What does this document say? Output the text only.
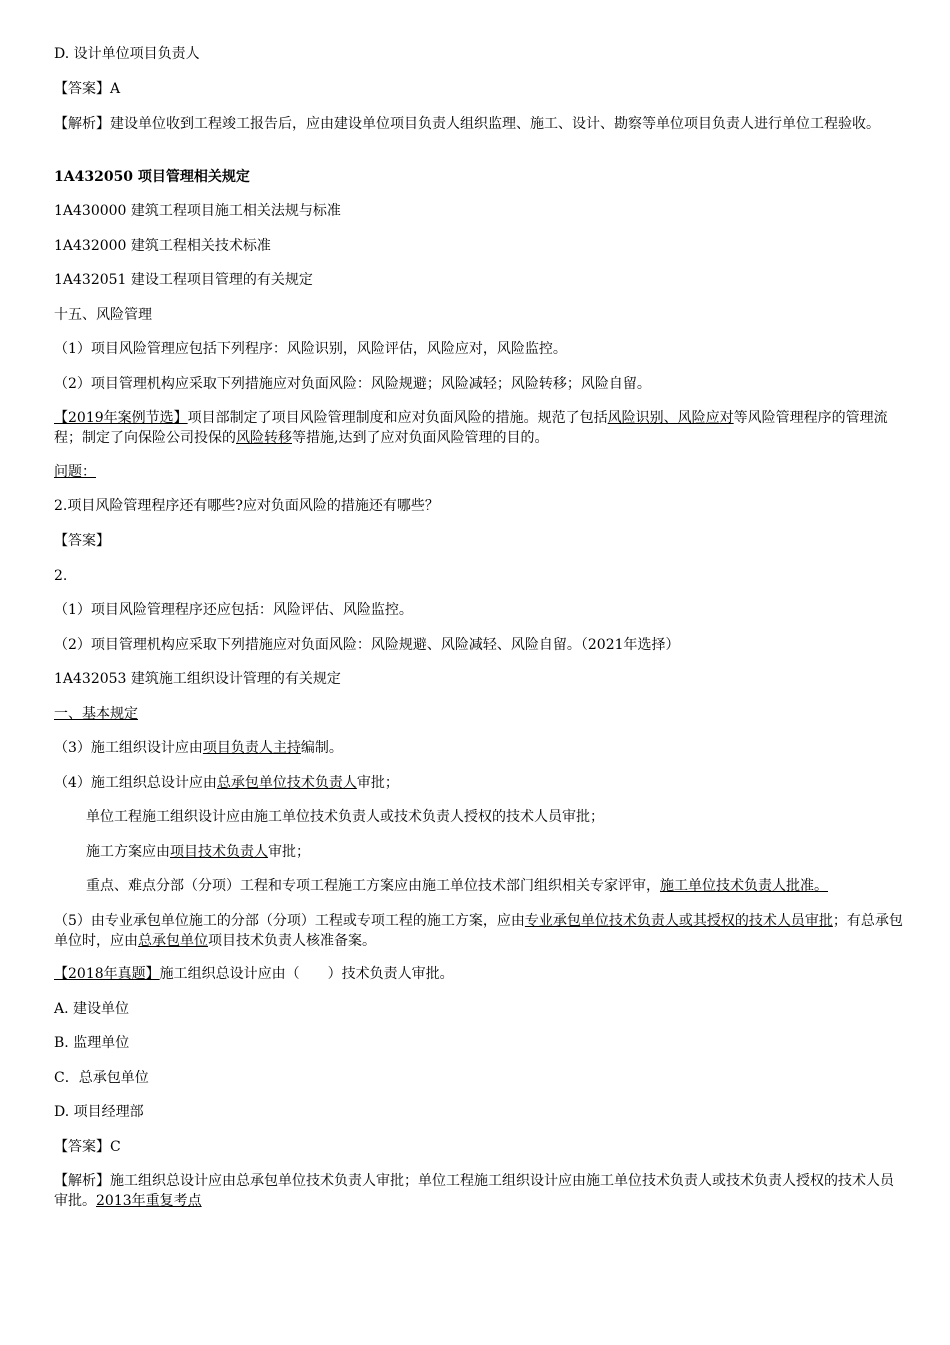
D. 设计单位项目负责人
【答案】A
【解析】建设单位收到工程竣工报告后，应由建设单位项目负责人组织监理、施工、设计、勘察等单位项目负责人进行单位工程验收。
1A432050 项目管理相关规定
1A430000 建筑工程项目施工相关法规与标准
1A432000 建筑工程相关技术标准
1A432051 建设工程项目管理的有关规定
十五、风险管理
（1）项目风险管理应包括下列程序：风险识别，风险评估，风险应对，风险监控。
（2）项目管理机构应采取下列措施应对负面风险：风险规避；风险减轻；风险转移；风险自留。
【2019年案例节选】项目部制定了项目风险管理制度和应对负面风险的措施。规范了包括风险识别、风险应对等风险管理程序的管理流程；制定了向保险公司投保的风险转移等措施,达到了应对负面风险管理的目的。
问题：
2.项目风险管理程序还有哪些?应对负面风险的措施还有哪些？
【答案】
2.
（1）项目风险管理程序还应包括：风险评估、风险监控。
（2）项目管理机构应采取下列措施应对负面风险：风险规避、风险减轻、风险自留。（2021年选择）
1A432053 建筑施工组织设计管理的有关规定
一、基本规定
（3）施工组织设计应由项目负责人主持编制。
（4）施工组织总设计应由总承包单位技术负责人审批；
单位工程施工组织设计应由施工单位技术负责人或技术负责人授权的技术人员审批；
施工方案应由项目技术负责人审批；
重点、难点分部（分项）工程和专项工程施工方案应由施工单位技术部门组织相关专家评审，施工单位技术负责人批准。
（5）由专业承包单位施工的分部（分项）工程或专项工程的施工方案，应由专业承包单位技术负责人或其授权的技术人员审批；有总承包单位时，应由总承包单位项目技术负责人核准备案。
【2018年真题】施工组织总设计应由（　　）技术负责人审批。
A. 建设单位
B. 监理单位
C．总承包单位
D. 项目经理部
【答案】C
【解析】施工组织总设计应由总承包单位技术负责人审批；单位工程施工组织设计应由施工单位技术负责人或技术负责人授权的技术人员审批。2013年重复考点
